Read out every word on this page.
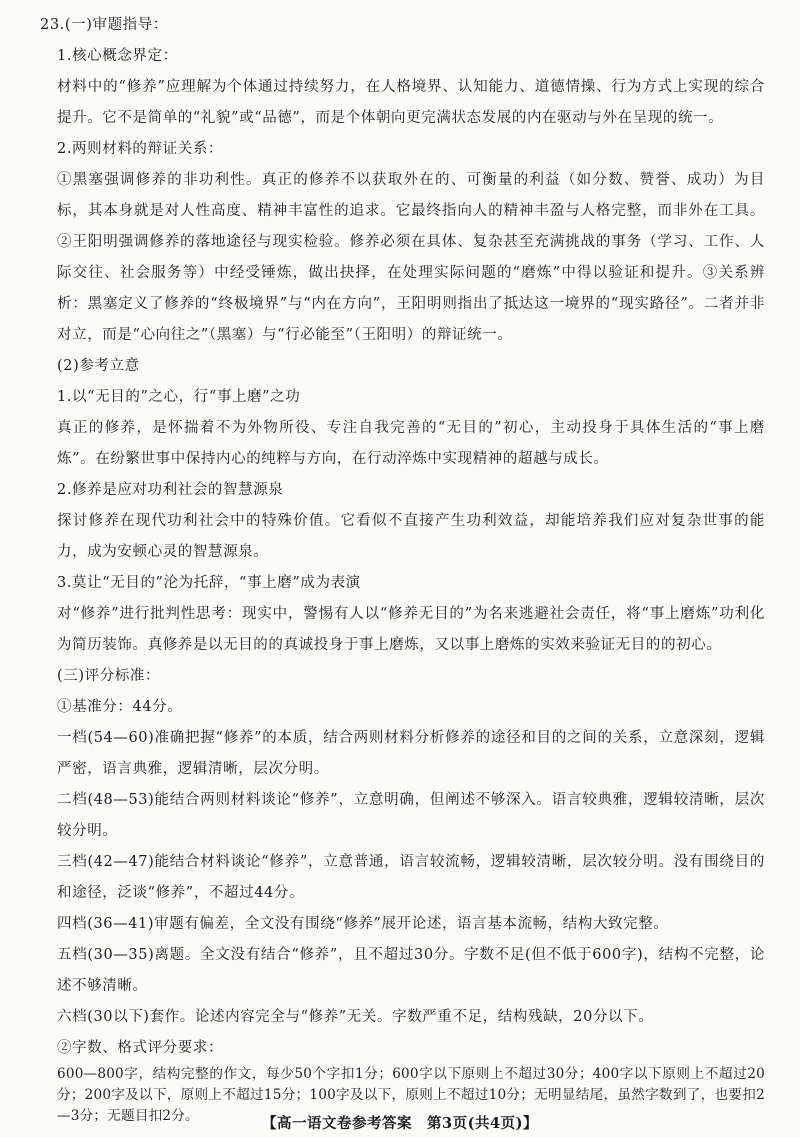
23.(一)审题指导：
1.核心概念界定：
材料中的“修养”应理解为个体通过持续努力，在人格境界、认知能力、道德情操、行为方式上实现的综合提升。它不是简单的“礼貌”或“品德”，而是个体朝向更完满状态发展的内在驱动与外在呈现的统一。
2.两则材料的辩证关系：
①黑塞强调修养的非功利性。真正的修养不以获取外在的、可衡量的利益（如分数、赞誉、成功）为目标，其本身就是对人性高度、精神丰富性的追求。它最终指向人的精神丰盈与人格完整，而非外在工具。②王阳明强调修养的落地途径与现实检验。修养必须在具体、复杂甚至充满挑战的事务（学习、工作、人际交往、社会服务等）中经受锤炼，做出抉择，在处理实际问题的“磨炼”中得以验证和提升。③关系辨析：黑塞定义了修养的“终极境界”与“内在方向”，王阳明则指出了抵达这一境界的“现实路径”。二者并非对立，而是“心向往之”（黑塞）与“行必能至”（王阳明）的辩证统一。
(2)参考立意
1.以“无目的”之心，行“事上磨”之功
真正的修养，是怀揣着不为外物所役、专注自我完善的“无目的”初心，主动投身于具体生活的“事上磨炼”。在纷繁世事中保持内心的纯粹与方向，在行动淬炼中实现精神的超越与成长。
2.修养是应对功利社会的智慧源泉
探讨修养在现代功利社会中的特殊价值。它看似不直接产生功利效益，却能培养我们应对复杂世事的能力，成为安顿心灵的智慧源泉。
3.莫让“无目的”沦为托辞，“事上磨”成为表演
对“修养”进行批判性思考：现实中，警惕有人以“修养无目的”为名来逃避社会责任，将“事上磨炼”功利化为简历装饰。真修养是以无目的的真诚投身于事上磨炼，又以事上磨炼的实效来验证无目的的初心。
(三)评分标准：
①基准分：44分。
一档(54—60)准确把握“修养”的本质，结合两则材料分析修养的途径和目的之间的关系，立意深刻，逻辑严密，语言典雅，逻辑清晰，层次分明。
二档(48—53)能结合两则材料谈论“修养”，立意明确，但阐述不够深入。语言较典雅，逻辑较清晰，层次较分明。
三档(42—47)能结合材料谈论“修养”，立意普通，语言较流畅，逻辑较清晰，层次较分明。没有围绕目的和途径，泛谈“修养”，不超过44分。
四档(36—41)审题有偏差，全文没有围绕“修养”展开论述，语言基本流畅，结构大致完整。
五档(30—35)离题。全文没有结合“修养”，且不超过30分。字数不足(但不低于600字)，结构不完整，论述不够清晰。
六档(30以下)套作。论述内容完全与“修养”无关。字数严重不足，结构残缺，20分以下。
②字数、格式评分要求：
600—800字，结构完整的作文，每少50个字扣1分；600字以下原则上不超过30分；400字以下原则上不超过20分；200字及以下，原则上不超过15分；100字及以下，原则上不超过10分；无明显结尾，虽然字数到了，也要扣2—3分；无题目扣2分。	【高一语文卷参考答案　第3页(共4页)】
